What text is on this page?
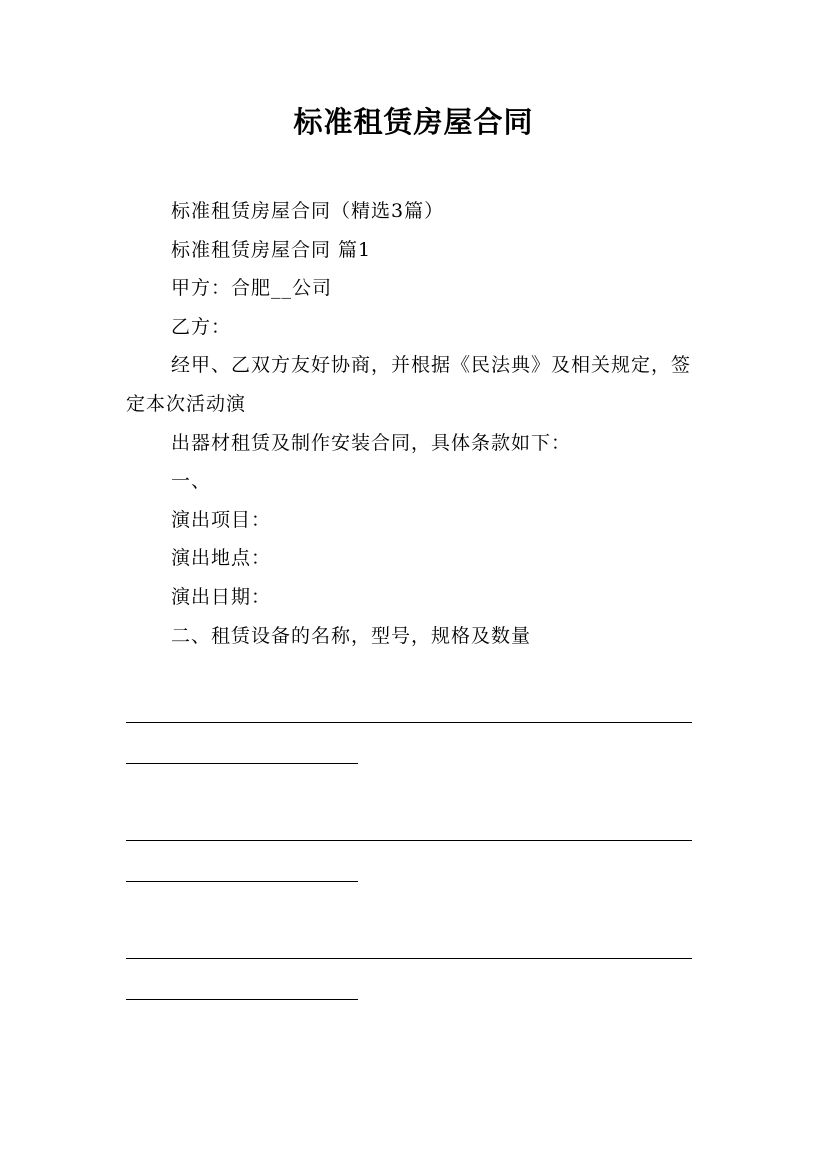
标准租赁房屋合同

标准租赁房屋合同（精选3篇）

标准租赁房屋合同 篇1

甲方：合肥__公司

乙方：

经甲、乙双方友好协商，并根据《民法典》及相关规定，签定本次活动演

出器材租赁及制作安装合同，具体条款如下：

一、

演出项目：

演出地点：

演出日期：

二、租赁设备的名称，型号，规格及数量
